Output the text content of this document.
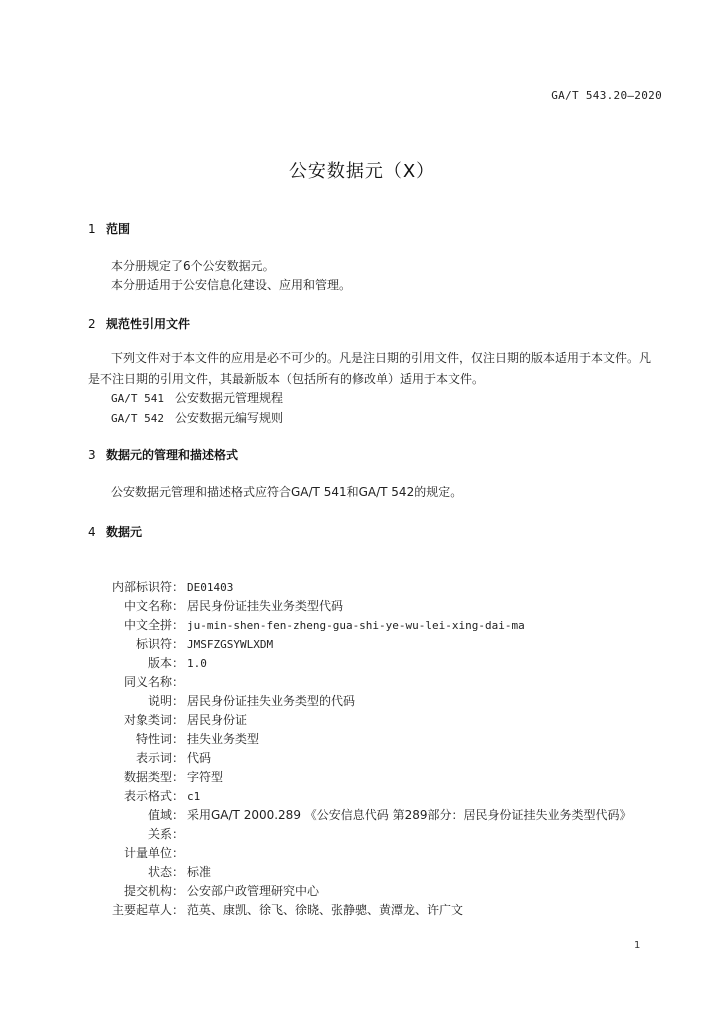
GA/T 543.20—2020
公安数据元（X）
1 范围
本分册规定了6个公安数据元。
本分册适用于公安信息化建设、应用和管理。
2 规范性引用文件
下列文件对于本文件的应用是必不可少的。凡是注日期的引用文件，仅注日期的版本适用于本文件。凡是不注日期的引用文件，其最新版本（包括所有的修改单）适用于本文件。
GA/T 541 公安数据元管理规程
GA/T 542 公安数据元编写规则
3 数据元的管理和描述格式
公安数据元管理和描述格式应符合GA/T 541和GA/T 542的规定。
4 数据元
内部标识符： DE01403
中文名称： 居民身份证挂失业务类型代码
中文全拼： ju-min-shen-fen-zheng-gua-shi-ye-wu-lei-xing-dai-ma
标识符： JMSFZGSYWLXDM
版本： 1.0
同义名称：
说明： 居民身份证挂失业务类型的代码
对象类词： 居民身份证
特性词： 挂失业务类型
表示词： 代码
数据类型： 字符型
表示格式： c1
值域： 采用GA/T 2000.289 《公安信息代码 第289部分：居民身份证挂失业务类型代码》
关系：
计量单位：
状态： 标准
提交机构： 公安部户政管理研究中心
主要起草人： 范英、康凯、徐飞、徐晓、张静骢、黄潭龙、许广文
1
